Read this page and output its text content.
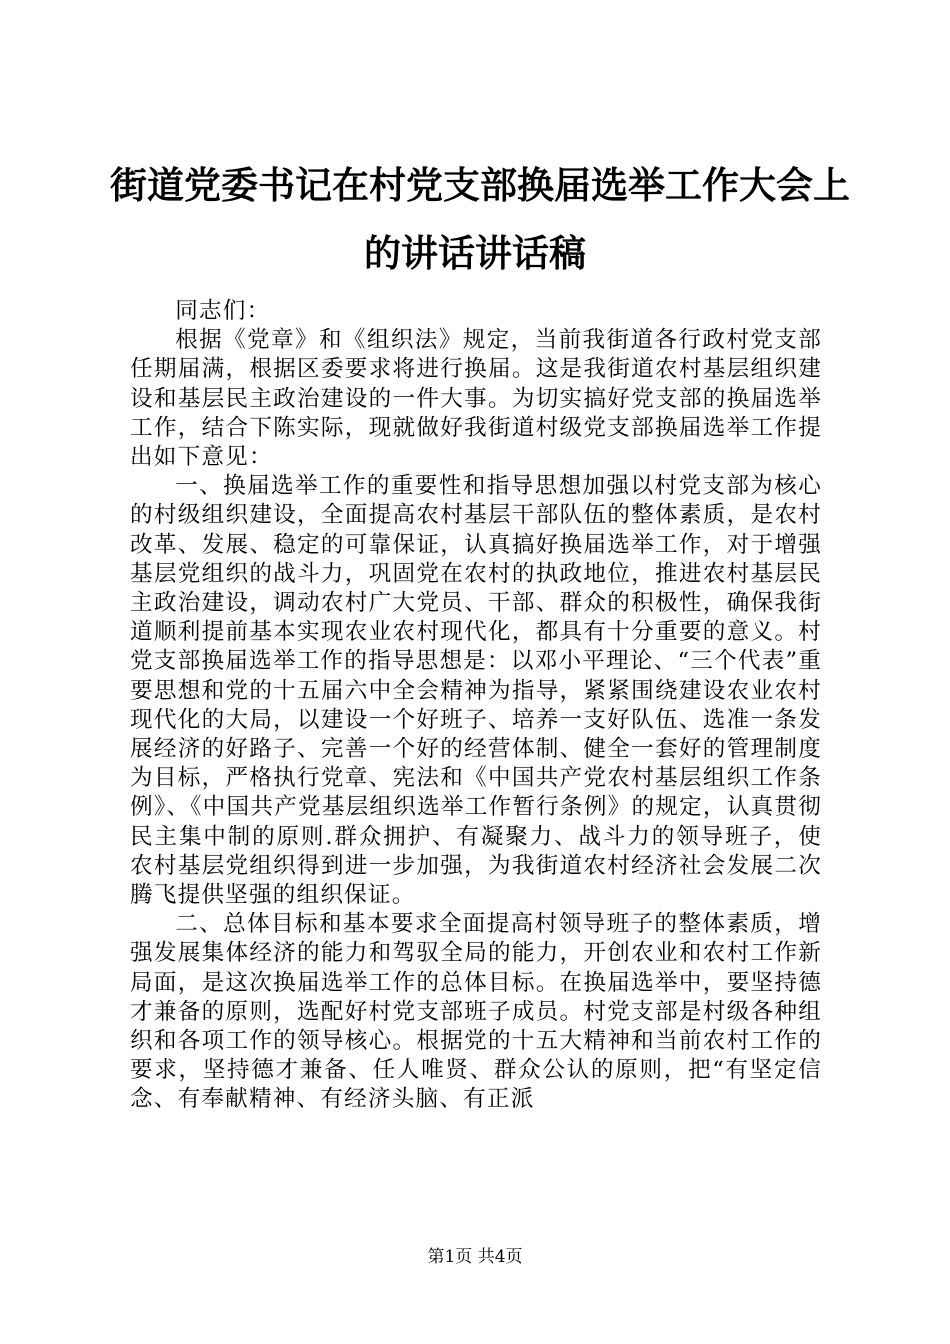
街道党委书记在村党支部换届选举工作大会上
的讲话讲话稿

同志们：

根据《党章》和《组织法》规定，当前我街道各行政村党支部任期届满，根据区委要求将进行换届。这是我街道农村基层组织建设和基层民主政治建设的一件大事。为切实搞好党支部的换届选举工作，结合下陈实际，现就做好我街道村级党支部换届选举工作提出如下意见：

一、换届选举工作的重要性和指导思想加强以村党支部为核心的村级组织建设，全面提高农村基层干部队伍的整体素质，是农村改革、发展、稳定的可靠保证，认真搞好换届选举工作，对于增强基层党组织的战斗力，巩固党在农村的执政地位，推进农村基层民主政治建设，调动农村广大党员、干部、群众的积极性，确保我街道顺利提前基本实现农业农村现代化，都具有十分重要的意义。村党支部换届选举工作的指导思想是：以邓小平理论、“三个代表”重要思想和党的十五届六中全会精神为指导，紧紧围绕建设农业农村现代化的大局，以建设一个好班子、培养一支好队伍、选准一条发展经济的好路子、完善一个好的经营体制、健全一套好的管理制度为目标，严格执行党章、宪法和《中国共产党农村基层组织工作条例》、《中国共产党基层组织选举工作暂行条例》的规定，认真贯彻民主集中制的原则.群众拥护、有凝聚力、战斗力的领导班子，使农村基层党组织得到进一步加强，为我街道农村经济社会发展二次腾飞提供坚强的组织保证。

二、总体目标和基本要求全面提高村领导班子的整体素质，增强发展集体经济的能力和驾驭全局的能力，开创农业和农村工作新局面，是这次换届选举工作的总体目标。在换届选举中，要坚持德才兼备的原则，选配好村党支部班子成员。村党支部是村级各种组织和各项工作的领导核心。根据党的十五大精神和当前农村工作的要求，坚持德才兼备、任人唯贤、群众公认的原则，把“有坚定信念、有奉献精神、有经济头脑、有正派

第1页 共4页
